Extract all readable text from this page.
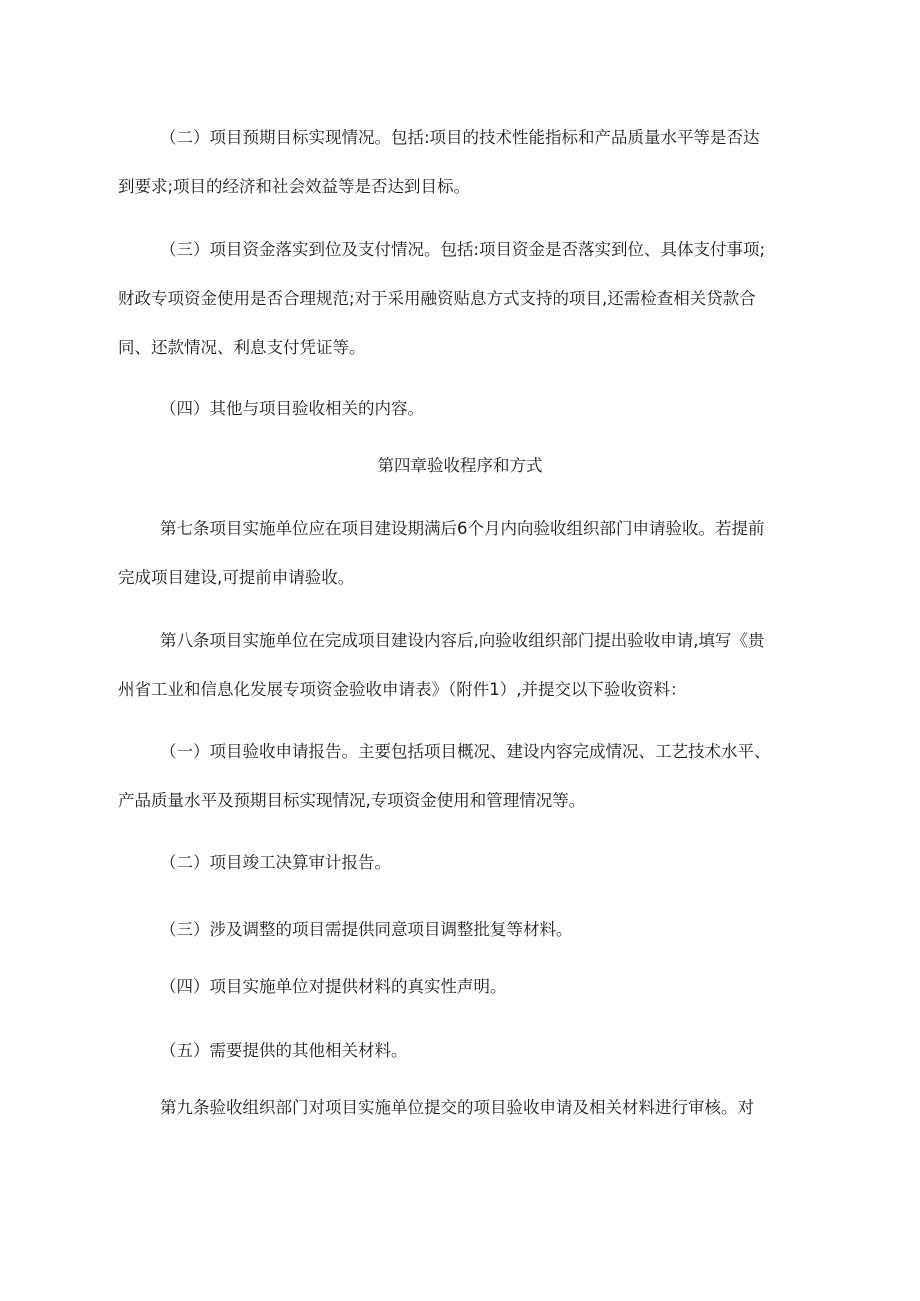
（二）项目预期目标实现情况。包括:项目的技术性能指标和产品质量水平等是否达
到要求;项目的经济和社会效益等是否达到目标。
（三）项目资金落实到位及支付情况。包括:项目资金是否落实到位、具体支付事项;
财政专项资金使用是否合理规范;对于采用融资贴息方式支持的项目,还需检查相关贷款合
同、还款情况、利息支付凭证等。
（四）其他与项目验收相关的内容。
第四章验收程序和方式
第七条项目实施单位应在项目建设期满后6个月内向验收组织部门申请验收。若提前
完成项目建设,可提前申请验收。
第八条项目实施单位在完成项目建设内容后,向验收组织部门提出验收申请,填写《贵
州省工业和信息化发展专项资金验收申请表》（附件1）,并提交以下验收资料：
（一）项目验收申请报告。主要包括项目概况、建设内容完成情况、工艺技术水平、
产品质量水平及预期目标实现情况,专项资金使用和管理情况等。
（二）项目竣工决算审计报告。
（三）涉及调整的项目需提供同意项目调整批复等材料。
（四）项目实施单位对提供材料的真实性声明。
（五）需要提供的其他相关材料。
第九条验收组织部门对项目实施单位提交的项目验收申请及相关材料进行审核。对
